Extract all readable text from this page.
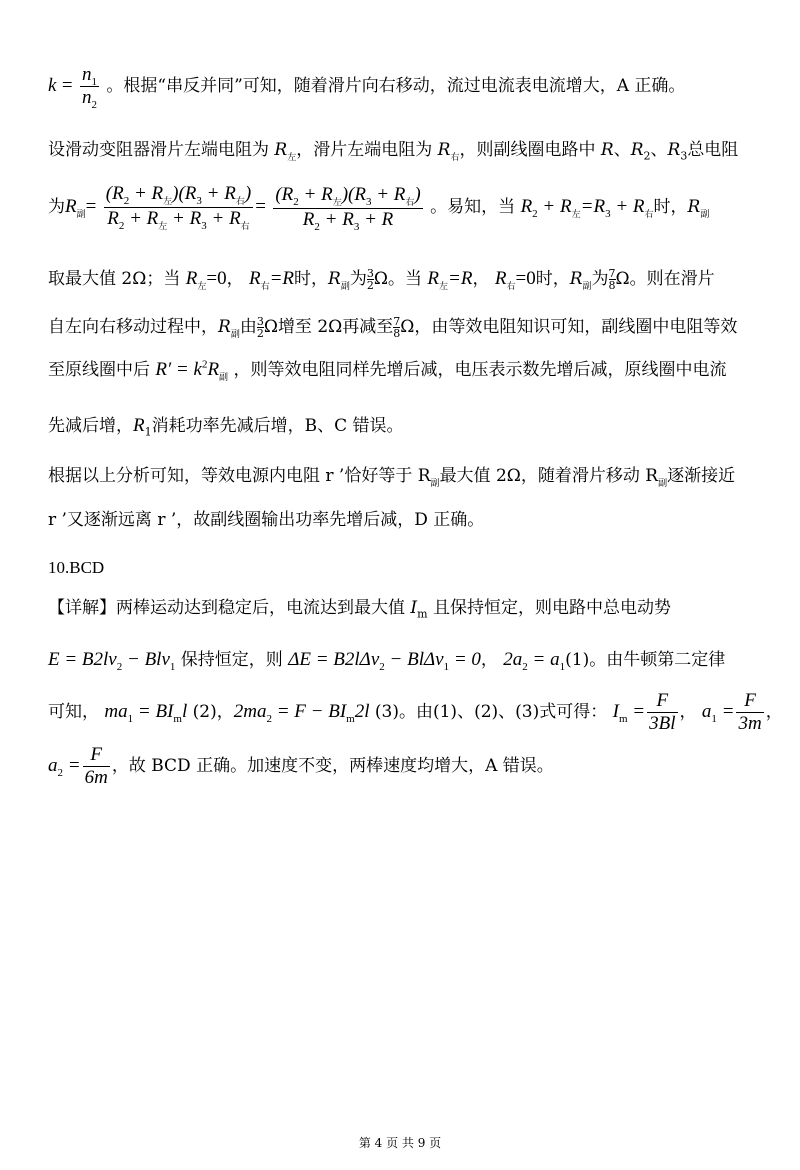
$k = \frac{n_1}{n_2}$ 。根据“串反并同”可知，随着滑片向右移动，流过电流表电流增大，A 正确。
设滑动变阻器滑片左端电阻为 $R_左$，滑片左端电阻为 $R_右$，则副线圈电路中 R、$R_2$、$R_3$总电阻
为$R_副= \frac{(R_2 + R_左)(R_3 + R_右)}{R_2 + R_左 + R_3 + R_右} = \frac{(R_2 + R_左)(R_3 + R_右)}{R_2 + R_3 + R}$ 。易知，当 $R_2 + R_左=R_3 + R_右$时，$R_副$
取最大值 2Ω；当 $R_左=0$， $R_右=R$时，$R_副$为 $\frac{3}{2}$ Ω。当 $R_左=R$， $R_右=0$时，$R_副$为 $\frac{7}{8}$ Ω。则在滑片
自左向右移动过程中，$R_副$由 $\frac{3}{2}$ Ω增至 2Ω再减至 $\frac{7}{8}$ Ω，由等效电阻知识可知，副线圈中电阻等效
至原线圈中后 $R' = k^2R_副$ ，则等效电阻同样先增后减，电压表示数先增后减，原线圈中电流
先减后增，$R_1$消耗功率先减后增，B、C 错误。
根据以上分析可知，等效电源内电阻 r ’恰好等于 $R_副$最大值 2Ω，随着滑片移动 $R_副$逐渐接近
r ’又逐渐远离 r ’，故副线圈输出功率先增后减，D 正确。
10.BCD
【详解】两棒运动达到稳定后，电流达到最大值 $I_m$ 且保持恒定，则电路中总电动势
$E = B2lv_2 - Blv_1$ 保持恒定，则 ΔE = B2lΔv$_2$ − BlΔv$_1$ = 0， $2a_2 = a_1(1)$。由牛顿第二定律
可知， $ma_1 = BI_ml$ (2)，$2ma_2 = F - BI_m2l$ (3)。由(1)、(2)、(3)式可得： $I_m = \frac{F}{3Bl}$ ， $a_1 = \frac{F}{3m}$ ，
$a_2 = \frac{F}{6m}$ ，故 BCD 正确。加速度不变，两棒速度均增大，A 错误。
第 4 页 共 9 页
